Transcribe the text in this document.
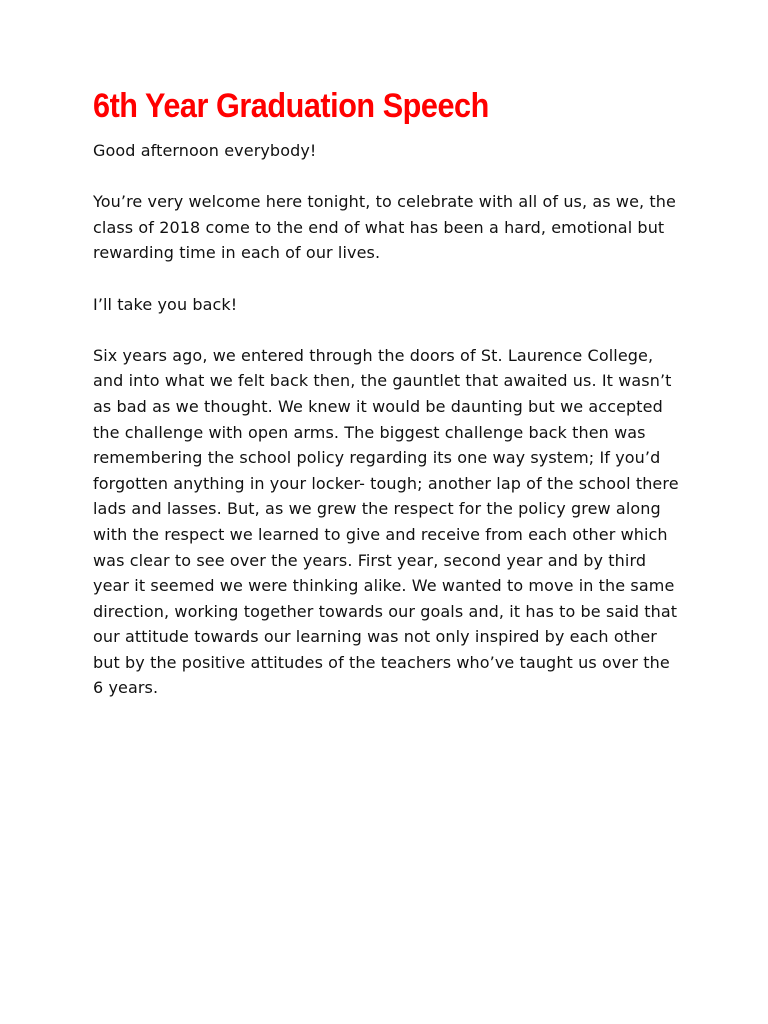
6th Year Graduation Speech

Good afternoon everybody!

You’re very welcome here tonight, to celebrate with all of us, as we, the class of 2018 come to the end of what has been a hard, emotional but rewarding time in each of our lives.

I’ll take you back!

Six years ago, we entered through the doors of St. Laurence College, and into what we felt back then, the gauntlet that awaited us. It wasn’t as bad as we thought. We knew it would be daunting but we accepted the challenge with open arms. The biggest challenge back then was remembering the school policy regarding its one way system; If you’d forgotten anything in your locker- tough; another lap of the school there lads and lasses. But, as we grew the respect for the policy grew along with the respect we learned to give and receive from each other which was clear to see over the years. First year, second year and by third year it seemed we were thinking alike. We wanted to move in the same direction, working together towards our goals and, it has to be said that our attitude towards our learning was not only inspired by each other but by the positive attitudes of the teachers who’ve taught us over the 6 years.
